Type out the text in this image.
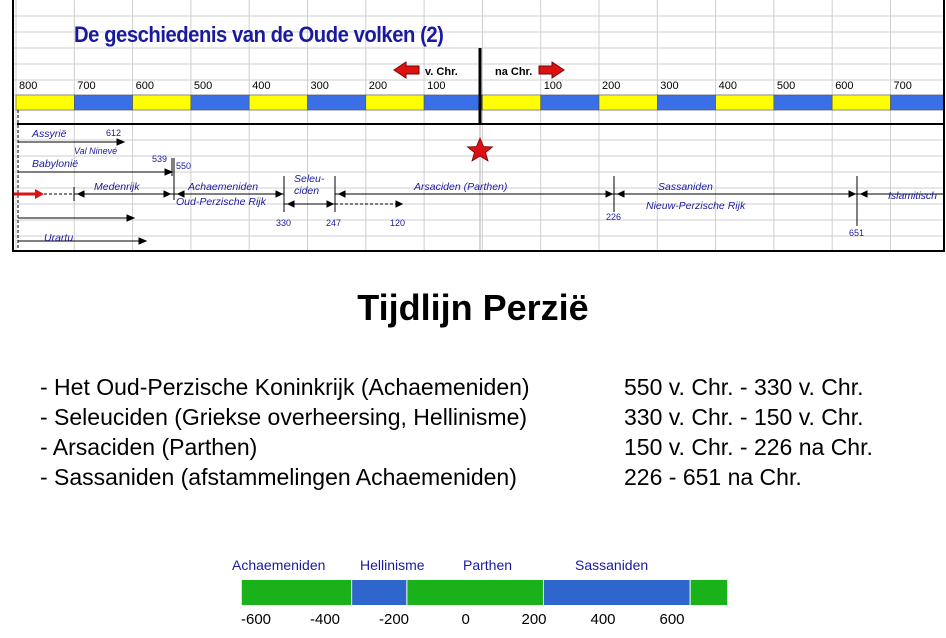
De geschiedenis van de Oude volken (2)
v. Chr.	na Chr.
800	700	600	500	400	300	200	100	100	200	300	400	500	600	700
Assyrië	612
Val Ninevé
Babylonië	539
550
Medenrijk	Achaemeniden
Oud-Perzische Rijk
Seleu-
ciden	Arsaciden (Parthen)	Sassaniden
Nieuw-Perzische Rijk
Islamitisch
Urartu
330	247	120
226
651
Tijdlijn Perzië
- Het Oud-Perzische Koninkrijk (Achaemeniden)	550 v. Chr. - 330 v. Chr.
- Seleuciden (Griekse overheersing, Hellinisme)	330 v. Chr. - 150 v. Chr.
- Arsaciden (Parthen)	150 v. Chr. - 226 na Chr.
- Sassaniden (afstammelingen Achaemeniden)	226 - 651 na Chr.
Achaemeniden Hellinisme	Parthen	Sassaniden
-600	-400	-200	0	200	400	600
